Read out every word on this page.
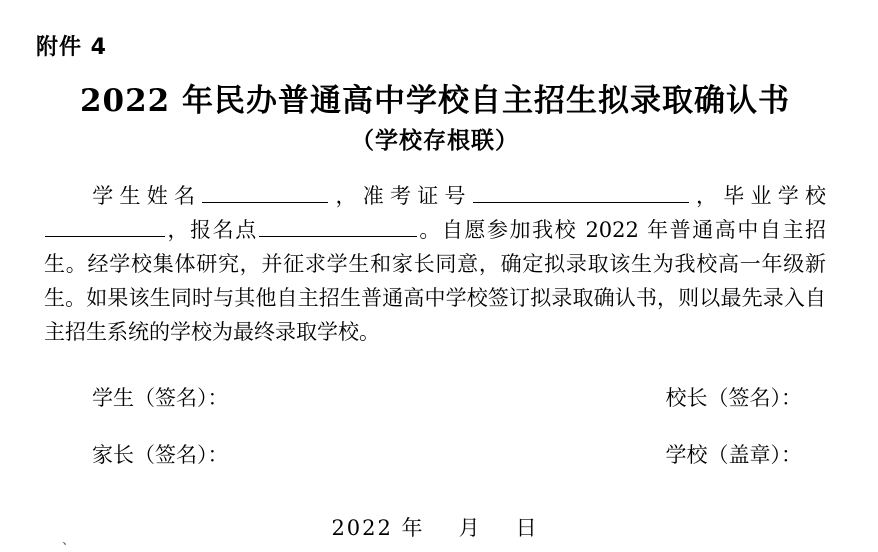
附件 4
2022 年民办普通高中学校自主招生拟录取确认书
（学校存根联）
学生姓名	，准考证号	，毕业学校，报名点	。自愿参加我校 2022 年普通高中自主招生。经学校集体研究，并征求学生和家长同意，确定拟录取该生为我校高一年级新生。如果该生同时与其他自主招生普通高中学校签订拟录取确认书，则以最先录入自主招生系统的学校为最终录取学校。
学生（签名）：	校长（签名）：
家长（签名）：	学校（盖章）：
2022 年 月 日
、
